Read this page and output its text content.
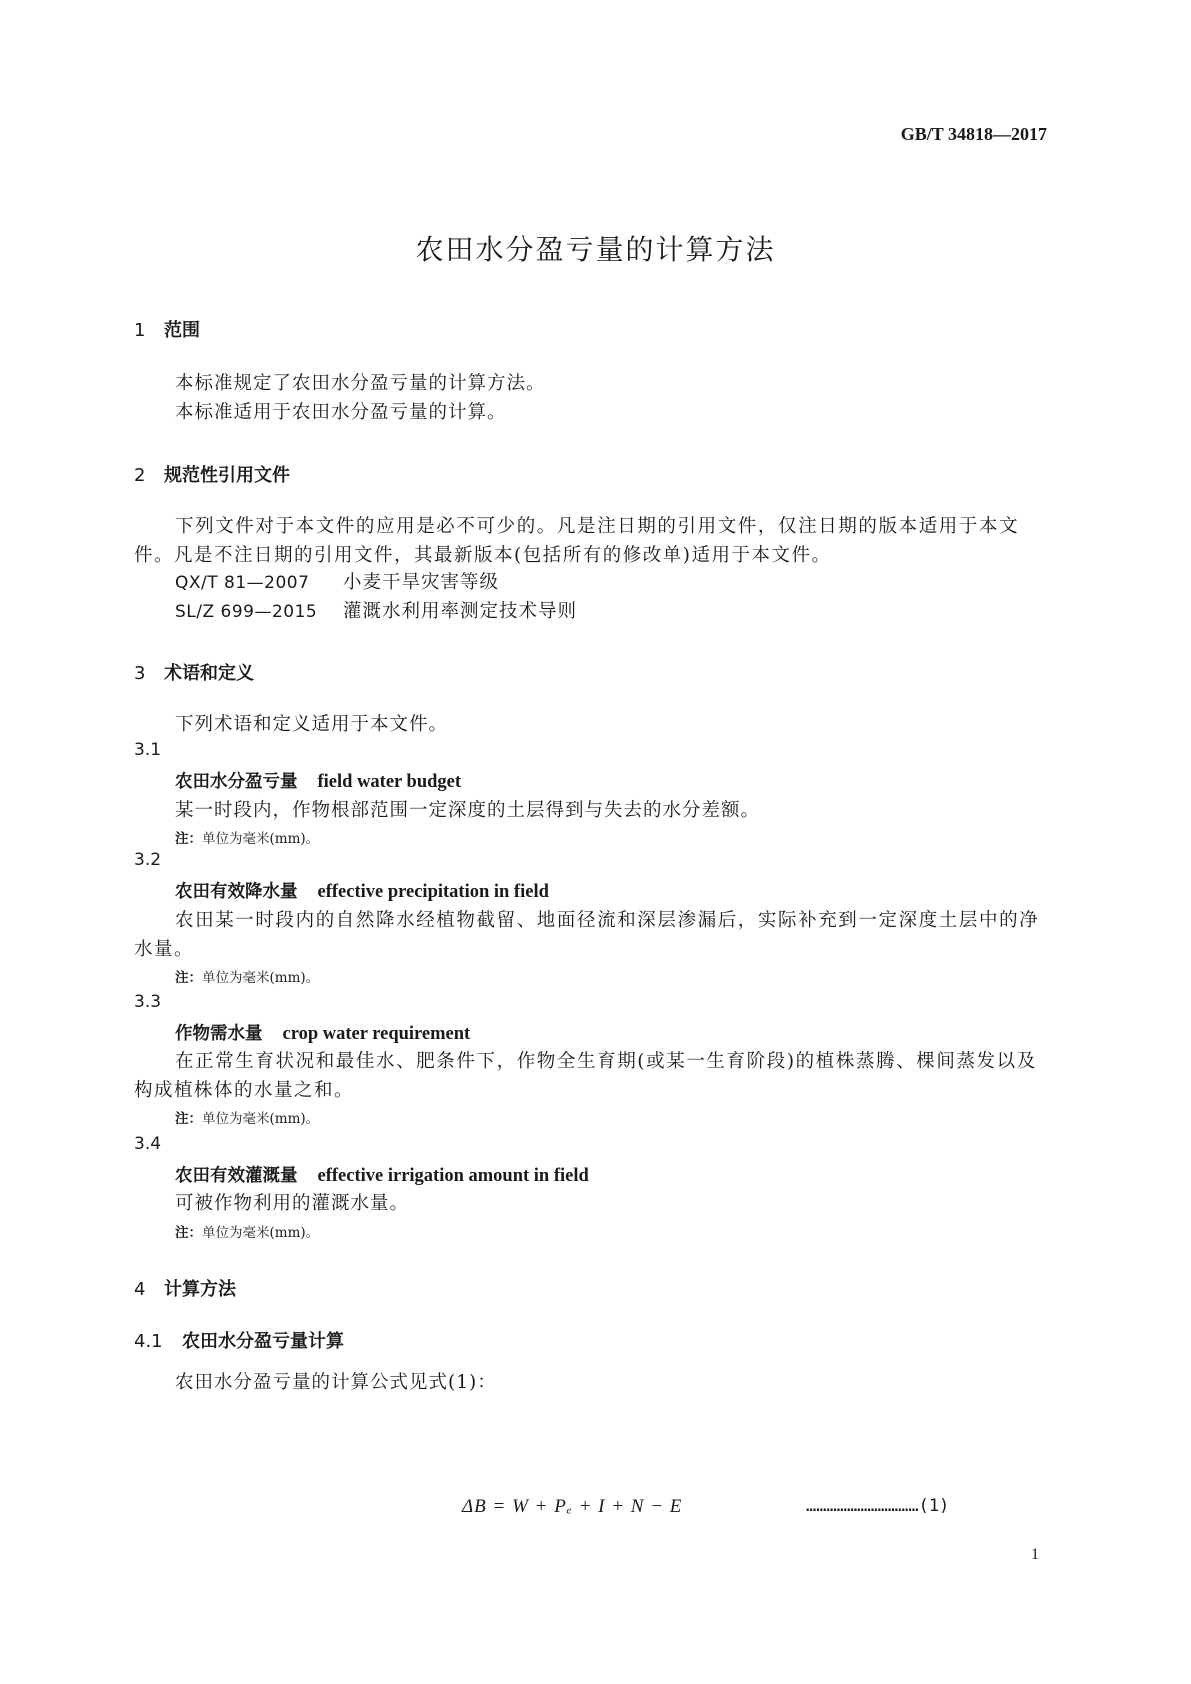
GB/T 34818—2017
农田水分盈亏量的计算方法
1 范围
本标准规定了农田水分盈亏量的计算方法。
本标准适用于农田水分盈亏量的计算。
2 规范性引用文件
下列文件对于本文件的应用是必不可少的。凡是注日期的引用文件，仅注日期的版本适用于本文
件。凡是不注日期的引用文件，其最新版本(包括所有的修改单)适用于本文件。
QX/T 81—2007 小麦干旱灾害等级
SL/Z 699—2015 灌溉水利用率测定技术导则
3 术语和定义
下列术语和定义适用于本文件。
3.1
农田水分盈亏量 field water budget
某一时段内，作物根部范围一定深度的土层得到与失去的水分差额。
注：单位为毫米(mm)。
3.2
农田有效降水量 effective precipitation in field
农田某一时段内的自然降水经植物截留、地面径流和深层渗漏后，实际补充到一定深度土层中的净
水量。
注：单位为毫米(mm)。
3.3
作物需水量 crop water requirement
在正常生育状况和最佳水、肥条件下，作物全生育期(或某一生育阶段)的植株蒸腾、棵间蒸发以及
构成植株体的水量之和。
注：单位为毫米(mm)。
3.4
农田有效灌溉量 effective irrigation amount in field
可被作物利用的灌溉水量。
注：单位为毫米(mm)。
4 计算方法
4.1 农田水分盈亏量计算
农田水分盈亏量的计算公式见式(1)：
ΔB = W + Pₑ + I + N − E	……………………………(1)
1
